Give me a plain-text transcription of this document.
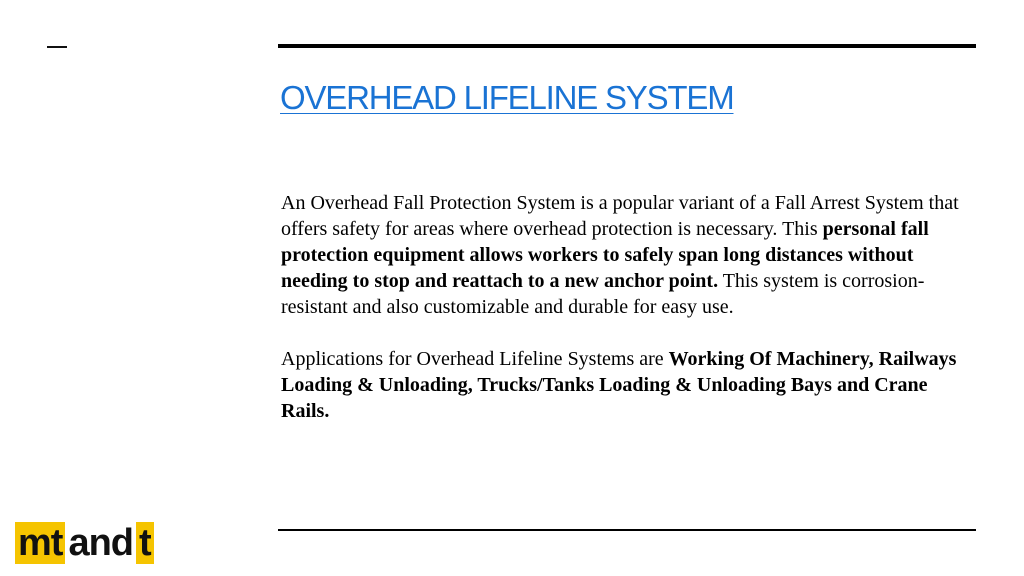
OVERHEAD LIFELINE SYSTEM

An Overhead Fall Protection System is a popular variant of a Fall Arrest System that offers safety for areas where overhead protection is necessary. This personal fall protection equipment allows workers to safely span long distances without needing to stop and reattach to a new anchor point. This system is corrosion-resistant and also customizable and durable for easy use.

Applications for Overhead Lifeline Systems are Working Of Machinery, Railways Loading & Unloading, Trucks/Tanks Loading & Unloading Bays and Crane Rails.

mt and t
